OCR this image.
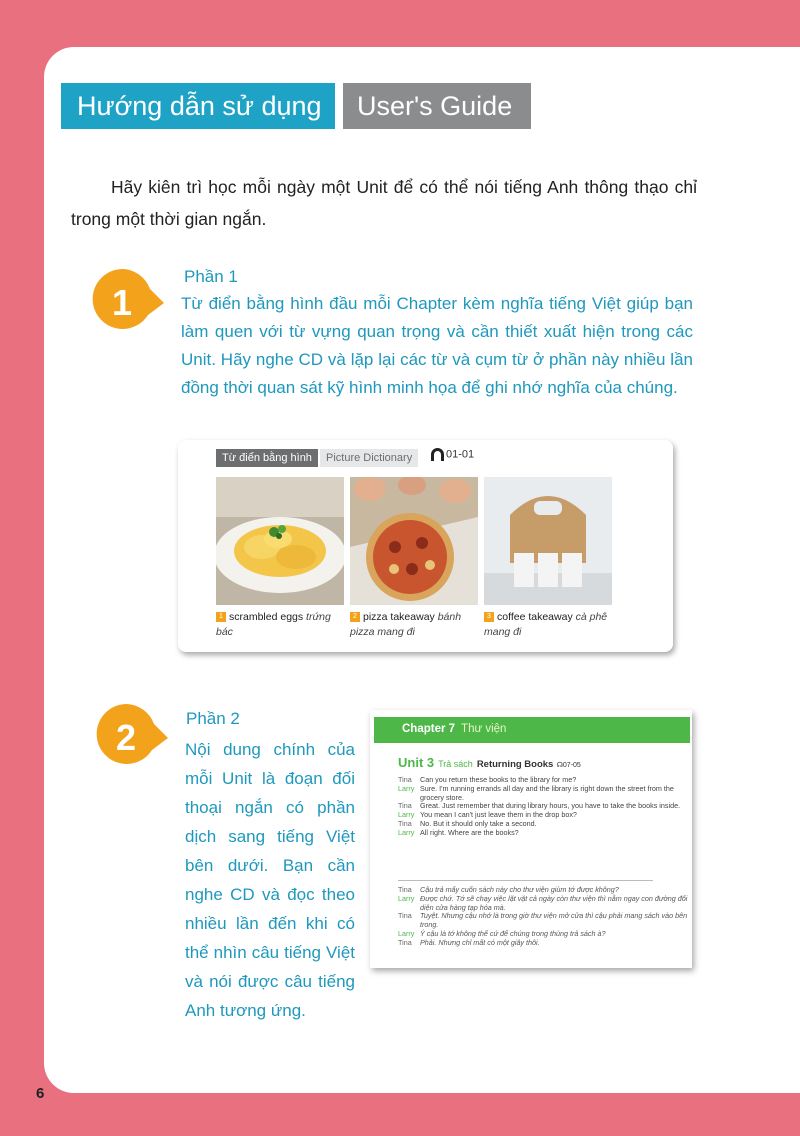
Hướng dẫn sử dụng	User's Guide

Hãy kiên trì học mỗi ngày một Unit để có thể nói tiếng Anh thông thạo chỉ trong một thời gian ngắn.

1
Phần 1

Từ điển bằng hình đầu mỗi Chapter kèm nghĩa tiếng Việt giúp bạn làm quen với từ vựng quan trọng và cần thiết xuất hiện trong các Unit. Hãy nghe CD và lặp lại các từ và cụm từ ở phần này nhiều lần đồng thời quan sát kỹ hình minh họa để ghi nhớ nghĩa của chúng.

Từ điển bằng hình	Picture Dictionary	01-01
1 scrambled eggs trứng bác
2 pizza takeaway bánh pizza mang đi
3 coffee takeaway cà phê mang đi
2	Phần 2

Nội dung chính của mỗi Unit là đoạn đối thoại ngắn có phần dịch sang tiếng Việt bên dưới. Bạn cần nghe CD và đọc theo nhiều lần đến khi có thể nhìn câu tiếng Việt và nói được câu tiếng Anh tương ứng.

Chapter 7 Thư viện
Unit 3 Trả sách Returning Books ☊07-05
Tina	Can you return these books to the library for me?
Larry Sure. I'm running errands all day and the library is right down the street from the grocery store.
Tina	Great. Just remember that during library hours, you have to take the books inside.
Larry You mean I can't just leave them in the drop box?
Tina	No. But it should only take a second.
Larry All right. Where are the books?
Tina	Cậu trả mấy cuốn sách này cho thư viện giùm tớ được không?
Larry Được chứ. Tớ sẽ chạy việc lặt vặt cả ngày còn thư viện thì nằm ngay con đường đối diện cửa hàng tạp hóa mà.
Tina	Tuyệt. Nhưng cậu nhớ là trong giờ thư viện mở cửa thì cậu phải mang sách vào bên trong.
Larry Ý cậu là tớ không thể cứ để chúng trong thùng trả sách à?
Tina	Phải. Nhưng chỉ mất có một giây thôi.
6
